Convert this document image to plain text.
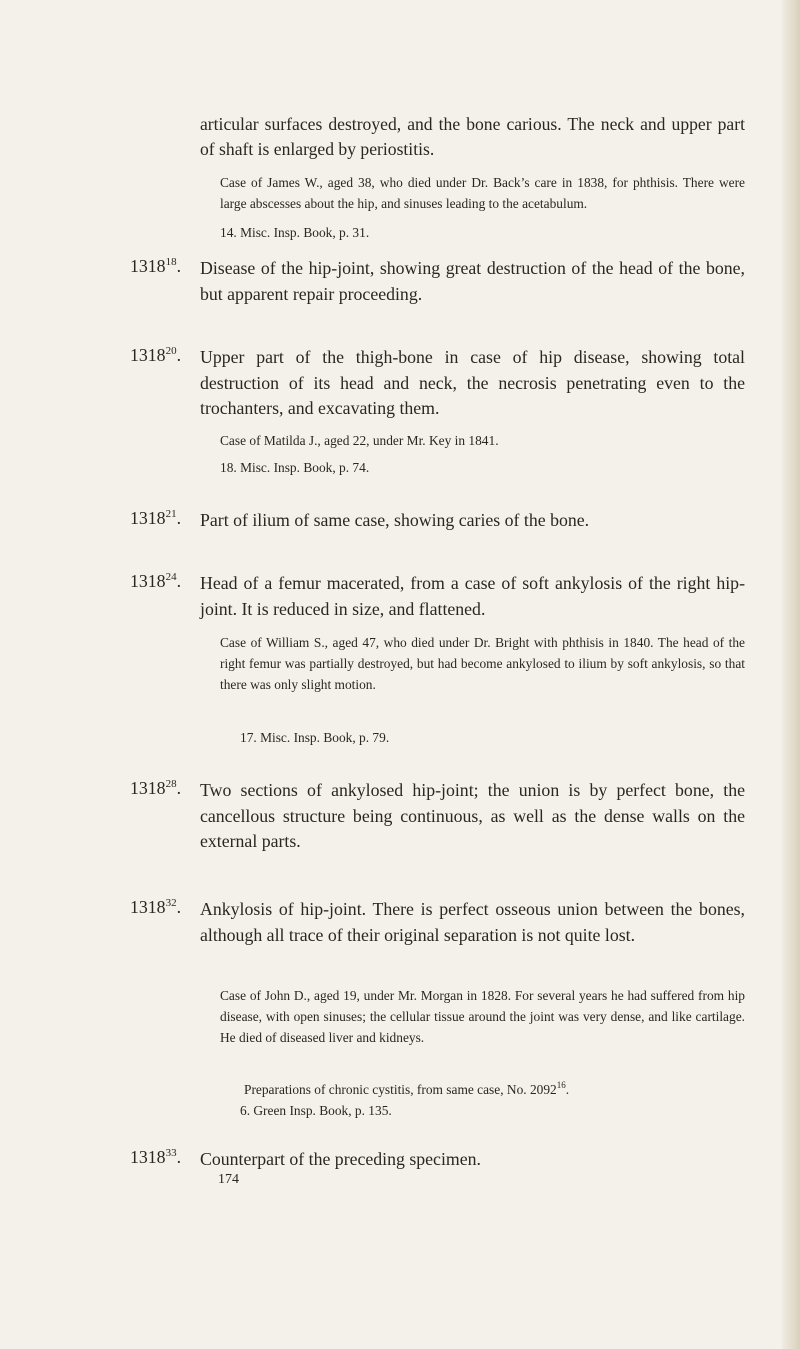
articular surfaces destroyed, and the bone carious. The neck and upper part of shaft is enlarged by periostitis.
Case of James W., aged 38, who died under Dr. Back’s care in 1838, for phthisis. There were large abscesses about the hip, and sinuses leading to the acetabulum.
14. Misc. Insp. Book, p. 31.
1318$^{18}$. Disease of the hip-joint, showing great destruction of the head of the bone, but apparent repair proceeding.
1318$^{20}$. Upper part of the thigh-bone in case of hip disease, showing total destruction of its head and neck, the necrosis penetrating even to the trochanters, and excavating them.
Case of Matilda J., aged 22, under Mr. Key in 1841.
18. Misc. Insp. Book, p. 74.
1318$^{21}$. Part of ilium of same case, showing caries of the bone.
1318$^{24}$. Head of a femur macerated, from a case of soft ankylosis of the right hip-joint. It is reduced in size, and flattened.
Case of William S., aged 47, who died under Dr. Bright with phthisis in 1840. The head of the right femur was partially destroyed, but had become ankylosed to ilium by soft ankylosis, so that there was only slight motion.
17. Misc. Insp. Book, p. 79.
1318$^{28}$. Two sections of ankylosed hip-joint; the union is by perfect bone, the cancellous structure being continuous, as well as the dense walls on the external parts.
1318$^{32}$. Ankylosis of hip-joint. There is perfect osseous union between the bones, although all trace of their original separation is not quite lost.
Case of John D., aged 19, under Mr. Morgan in 1828. For several years he had suffered from hip disease, with open sinuses; the cellular tissue around the joint was very dense, and like cartilage. He died of diseased liver and kidneys.
Preparations of chronic cystitis, from same case, No. 2092$^{16}$.
6. Green Insp. Book, p. 135.
1318$^{33}$. Counterpart of the preceding specimen.
174
